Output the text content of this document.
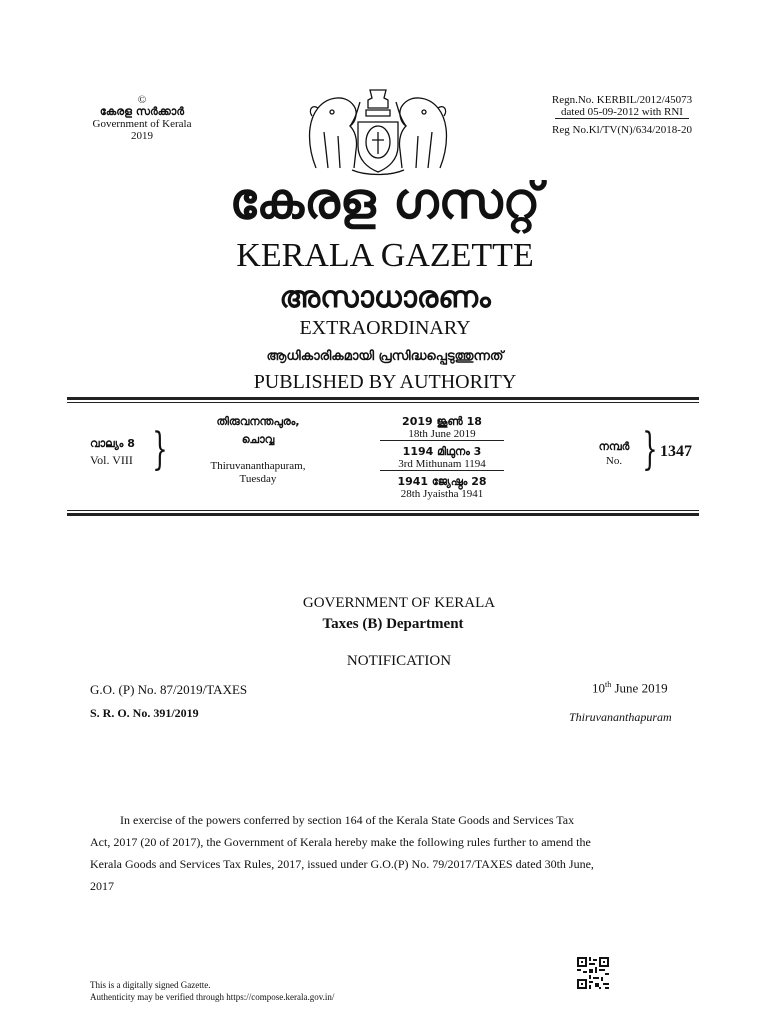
©
കേരള സർക്കാർ
Government of Kerala
2019
Regn.No. KERBIL/2012/45073
dated 05-09-2012 with RNI
Reg No.Kl/TV(N)/634/2018-20
കേരള ഗസറ്റ്
KERALA GAZETTE
അസാധാരണം
EXTRAORDINARY
ആധികാരികമായി പ്രസിദ്ധപ്പെടുത്തുന്നത്
PUBLISHED BY AUTHORITY
വാല്യം 8
Vol. VIII }
തിരുവനന്തപുരം,
ചൊവ്വ
Thiruvananthapuram,
Tuesday
2019 ജൂൺ 18
18th June 2019
1194 മിഥുനം 3
3rd Mithunam 1194
1941 ജ്യേഷ്ഠം 28
28th Jyaistha 1941
നമ്പർ
No. } 1347
GOVERNMENT OF KERALA
Taxes (B) Department
NOTIFICATION
G.O. (P) No. 87/2019/TAXES	10th June 2019
S. R. O. No. 391/2019	Thiruvananthapuram
In exercise of the powers conferred by section 164 of the Kerala State Goods and Services Tax
Act, 2017 (20 of 2017), the Government of Kerala hereby make the following rules further to amend the
Kerala Goods and Services Tax Rules, 2017, issued under G.O.(P) No. 79/2017/TAXES dated 30th June,
2017
This is a digitally signed Gazette.
Authenticity may be verified through https://compose.kerala.gov.in/
